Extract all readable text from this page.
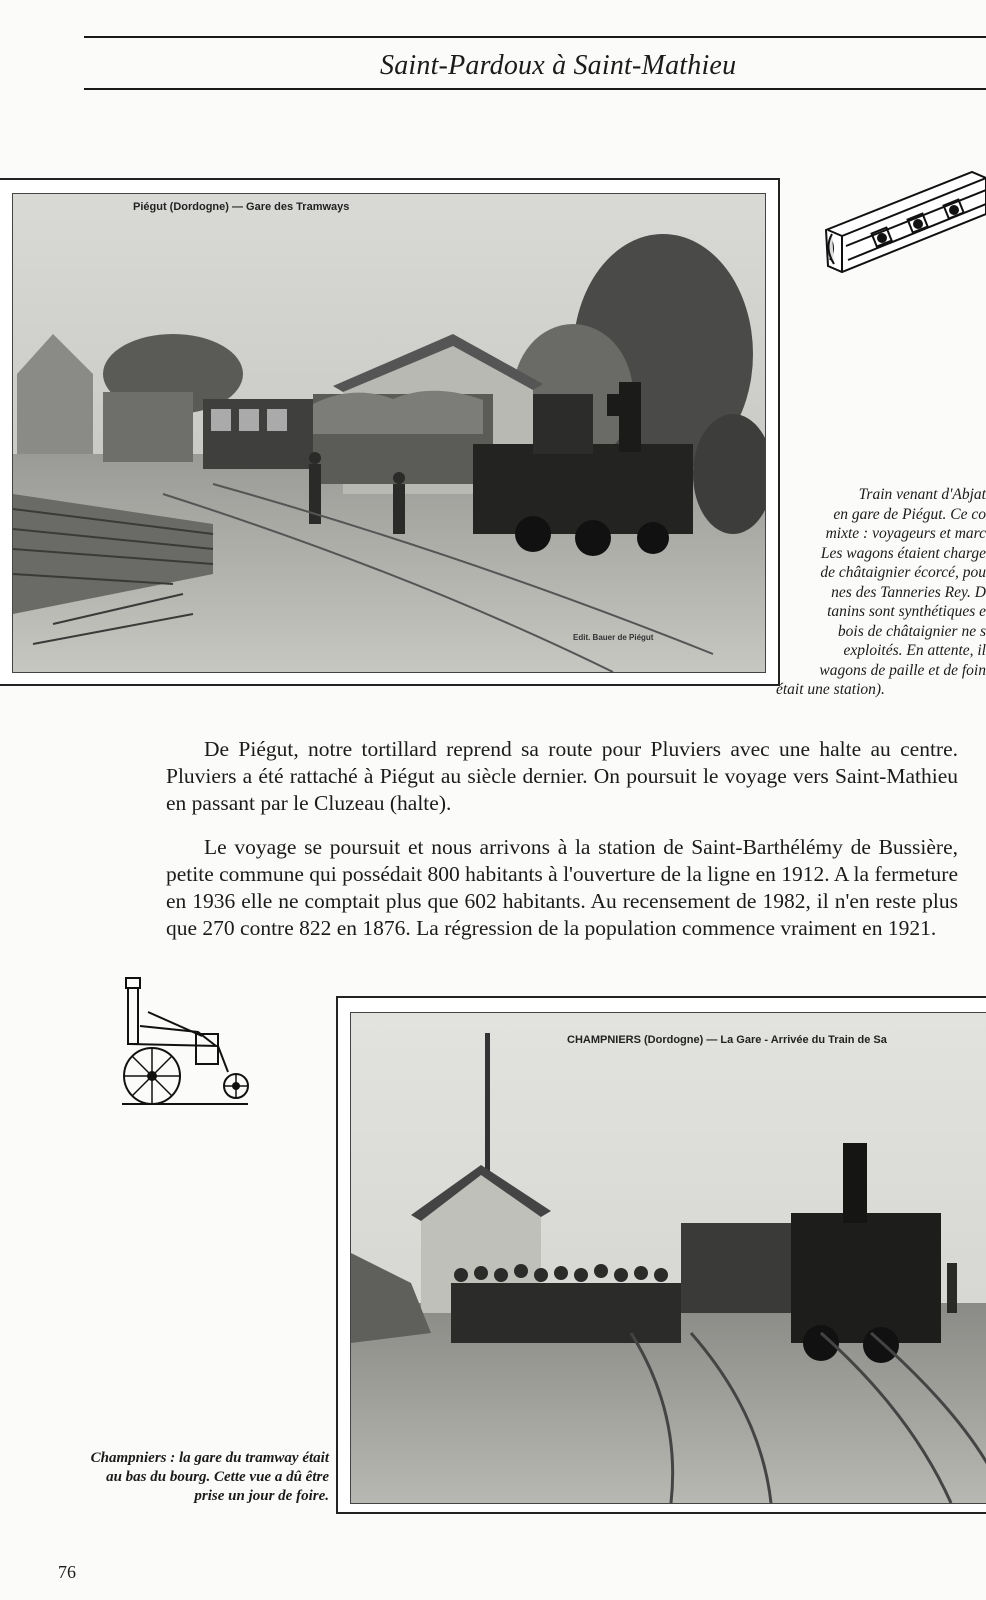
Saint-Pardoux à Saint-Mathieu
Piégut (Dordogne) — Gare des Tramways
Edit. Bauer de Piégut
Train venant d'Abjat
en gare de Piégut. Ce co
mixte : voyageurs et marc
Les wagons étaient charge
de châtaignier écorcé, pou
nes des Tanneries Rey. D
tanins sont synthétiques e
bois de châtaignier ne s
exploités. En attente, il
wagons de paille et de foin
était une station).

De Piégut, notre tortillard reprend sa route pour Pluviers avec une halte au centre. Pluviers a été rattaché à Piégut au siècle dernier. On poursuit le voyage vers Saint-Mathieu en passant par le Cluzeau (halte).

Le voyage se poursuit et nous arrivons à la station de Saint-Barthélémy de Bussière, petite commune qui possédait 800 habitants à l'ouverture de la ligne en 1912. A la fermeture en 1936 elle ne comptait plus que 602 habitants. Au recensement de 1982, il n'en reste plus que 270 contre 822 en 1876. La régression de la population commence vraiment en 1921.

CHAMPNIERS (Dordogne) — La Gare - Arrivée du Train de Sa
Champniers : la gare du tramway était au bas du bourg. Cette vue a dû être prise un jour de foire.
76
